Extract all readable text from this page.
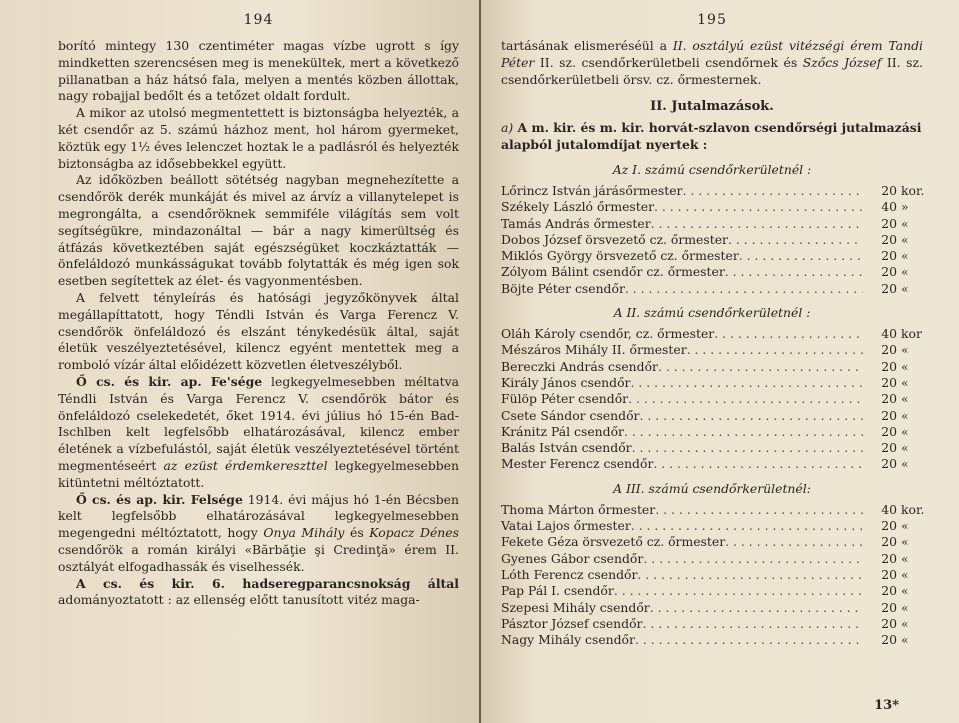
194

borító mintegy 130 czentiméter magas vízbe ugrott s így mindketten szerencsésen meg is menekültek, mert a következő pillanatban a ház hátsó fala, melyen a mentés közben állottak, nagy robajjal bedőlt és a tetőzet oldalt fordult.

A mikor az utolsó megmentettett is biztonságba helyezték, a két csendőr az 5. számú házhoz ment, hol három gyermeket, köztük egy 1½ éves lelenczet hoztak le a padlásról és helyezték biztonságba az idősebbekkel együtt.

Az időközben beállott sötétség nagyban megnehezítette a csendőrök derék munkáját és mivel az árvíz a villanytelepet is megrongálta, a csendőröknek semmiféle világítás sem volt segítségükre, mindazonáltal — bár a nagy kimerültség és átfázás következtében saját egészségüket koczkáztatták — önfeláldozó munkásságukat tovább folytatták és még igen sok esetben segítettek az élet- és vagyonmentésben.

A felvett tényleírás és hatósági jegyzőkönyvek által megállapíttatott, hogy Téndli István és Varga Ferencz V. csendőrök önfeláldozó és elszánt ténykedésük által, saját életük veszélyeztetésével, kilencz egyént mentettek meg a romboló vízár által előidézett közvetlen életveszélyből.

Ő cs. és kir. ap. Fe'sége legkegyelmesebben méltatva Téndli István és Varga Ferencz V. csendőrök bátor és önfeláldozó cselekedetét, őket 1914. évi július hó 15-én Bad-Ischlben kelt legfelsőbb elhatározásával, kilencz ember életének a vízbefulástól, saját életük veszélyeztetésével történt megmentéseért az ezüst érdemkereszttel legkegyelmesebben kitüntetni méltóztatott.

Ő cs. és ap. kir. Felsége 1914. évi május hó 1-én Bécsben kelt legfelsőbb elhatározásával legkegyelmesebben megengedni méltóztatott, hogy Onya Mihály és Kopacz Dénes csendőrök a román királyi «Bărbăţie şi Credinţă» érem II. osztályát elfogadhassák és viselhessék.

A cs. és kir. 6. hadseregparancsnokság által adományoztatott : az ellenség előtt tanusított vitéz maga-

195

tartásának elismeréséül a II. osztályú ezüst vitézségi érem Tandi Péter II. sz. csendőrkerületbeli csendőrnek és Szőcs József II. sz. csendőrkerületbeli örsv. cz. őrmesternek.

II. Jutalmazások.
a) A m. kir. és m. kir. horvát-szlavon csendőrségi jutalmazási alapból jutalomdíjat nyertek :
Az I. számú csendőrkerületnél :
Lőrincz István járásőrmester . . .	20 kor.
Székely László őrmester . . .	40 »
Tamás András őrmester . . .	20 «
Dobos József örsvezető cz. őrmester . . .	20 «
Miklós György örsvezető cz. őrmester . . .	20 «
Zólyom Bálint csendőr cz. őrmester . . .	20 «
Böjte Péter csendőr . . .	20 «
A II. számú csendőrkerületnél :
Oláh Károly csendőr, cz. őrmester . . .	40 kor
Mészáros Mihály II. őrmester . . .	20 «
Bereczki András csendőr . . .	20 «
Király János csendőr . . .	20 «
Fülöp Péter csendőr . . .	20 «
Csete Sándor csendőr . . .	20 «
Kránitz Pál csendőr . . .	20 «
Balás István csendőr . . .	20 «
Mester Ferencz csendőr . . .	20 «
A III. számú csendőrkerületnél:
Thoma Márton őrmester . . .	40 kor.
Vatai Lajos őrmester . . .	20 «
Fekete Géza örsvezető cz. őrmester . . .	20 «
Gyenes Gábor csendőr . . .	20 «
Lóth Ferencz csendőr . . .	20 «
Pap Pál I. csendőr . . .	20 «
Szepesi Mihály csendőr . . .	20 «
Pásztor József csendőr . . .	20 «
Nagy Mihály csendőr . . .	20 «
13*
